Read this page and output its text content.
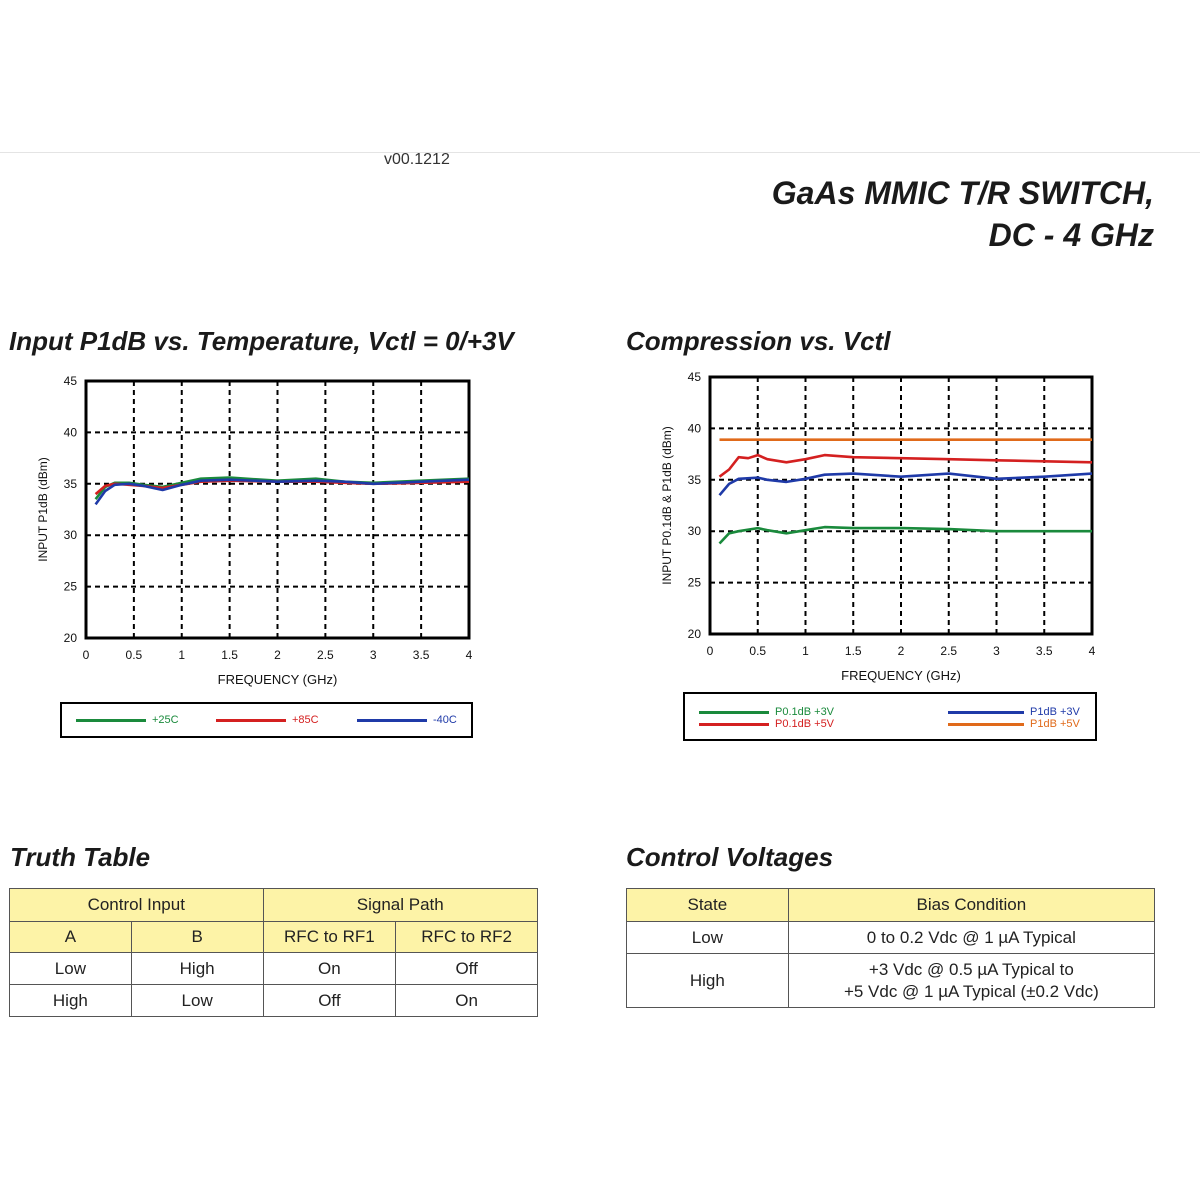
v00.1212
GaAs MMIC T/R SWITCH,
DC - 4 GHz
Input P1dB vs. Temperature, Vctl = 0/+3V
0	0.5	1	1.5	2	2.5	3	3.5	4
20
25
30
35
40
45
FREQUENCY (GHz)
INPUT P1dB (dBm)
+25C	+85C	-40C
Compression vs. Vctl
0	0.5	1	1.5	2	2.5	3	3.5	4
20
25
30
35
40
45
FREQUENCY (GHz)
INPUT P0.1dB & P1dB (dBm)
P0.1dB +3V
P0.1dB +5V
P1dB +3V
P1dB +5V
Truth Table
Control Input		Signal Path	
A	B	RFC to RF1	RFC to RF2
Low	High	On	Off
High	Low	Off	On
Control Voltages
State	Bias Condition
Low	0 to 0.2 Vdc @ 1 µA Typical

High	+3 Vdc @ 0.5 µA Typical to
+5 Vdc @ 1 µA Typical (±0.2 Vdc)
